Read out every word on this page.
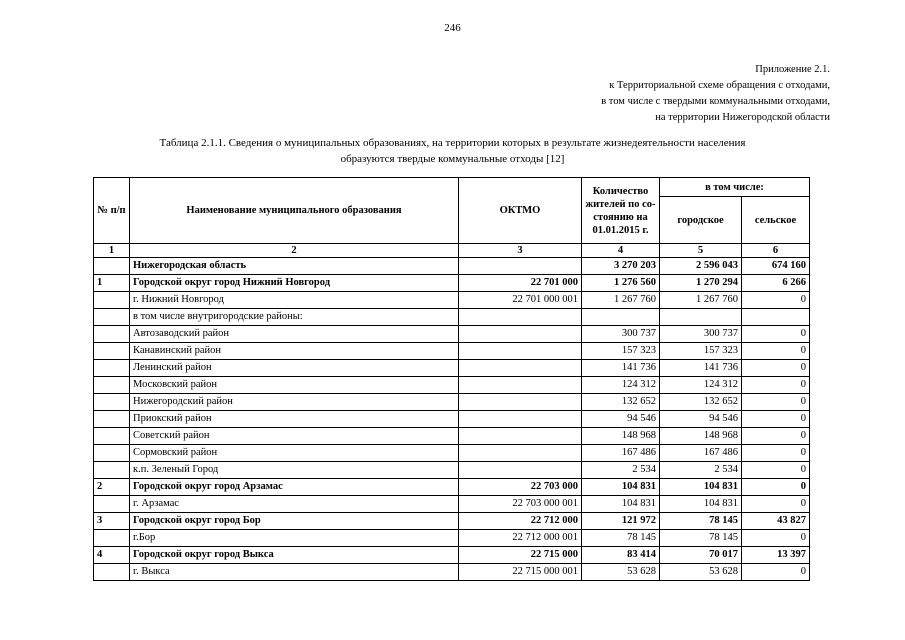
246
Приложение 2.1.
к Территориальной схеме обращения с отходами,
в том числе с твердыми коммунальными отходами,
на территории Нижегородской области
Таблица 2.1.1. Сведения о муниципальных образованиях, на территории которых в результате жизнедеятельности населения
образуются твердые коммунальные отходы [12]
№ п/п	Наименование муниципального образования	ОКТМО	Количество жителей по со-стоянию на 01.01.2015 г.	в том числе:	
				городское	сельское
1	2	3	4	5	6
	Нижегородская область		3 270 203	2 596 043	674 160
1	Городской округ город Нижний Новгород	22 701 000	1 276 560	1 270 294	6 266
	г. Нижний Новгород	22 701 000 001	1 267 760	1 267 760	0
	в том числе внутригородские районы:				
	Автозаводский район		300 737	300 737	0
	Канавинский район		157 323	157 323	0
	Ленинский район		141 736	141 736	0
	Московский район		124 312	124 312	0
	Нижегородский район		132 652	132 652	0
	Приокский район		94 546	94 546	0
	Советский район		148 968	148 968	0
	Сормовский район		167 486	167 486	0
	к.п. Зеленый Город		2 534	2 534	0
2	Городской округ город Арзамас	22 703 000	104 831	104 831	0
	г. Арзамас	22 703 000 001	104 831	104 831	0
3	Городской округ город Бор	22 712 000	121 972	78 145	43 827
	г.Бор	22 712 000 001	78 145	78 145	0
4	Городской округ город Выкса	22 715 000	83 414	70 017	13 397
	г. Выкса	22 715 000 001	53 628	53 628	0
